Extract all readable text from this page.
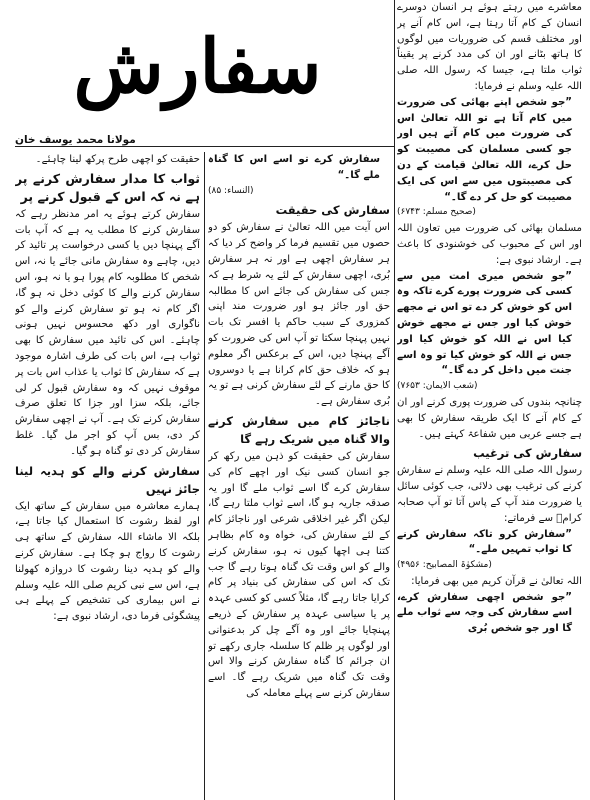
معاشرے میں رہتے ہوئے ہر انسان دوسرے انسان کے کام آتا رہتا ہے، اس کام آنے پر اور مختلف قسم کی ضروریات میں لوگوں کا ہاتھ بٹانے اور ان کی مدد کرنے پر یقیناً ثواب ملتا ہے، جیسا کہ رسول اللہ صلی اللہ علیہ وسلم نے فرمایا:

”جو شخص اپنے بھائی کی ضرورت میں کام آتا ہے تو اللہ تعالیٰ اس کی ضرورت میں کام آتے ہیں اور جو کسی مسلمان کی مصیبت کو حل کرے، اللہ تعالیٰ قیامت کے دن کی مصیبتوں میں سے اس کی ایک مصیبت کو حل کر دے گا۔“

(صحیح مسلم: ۶۷۴۳)

مسلمان بھائی کی ضرورت میں تعاون اللہ اور اس کے محبوب کی خوشنودی کا باعث ہے۔ ارشاد نبوی ہے:

”جو شخص میری امت میں سے کسی کی ضرورت پورے کرے تاکہ وہ اس کو خوش کر دے تو اس نے مجھے خوش کیا اور جس نے مجھے خوش کیا اس نے اللہ کو خوش کیا اور جس نے اللہ کو خوش کیا تو وہ اسے جنت میں داخل کر دے گا۔“

(شعب الایمان: ۷۶۵۳)

چنانچہ بندوں کی ضرورت پوری کرنے اور ان کے کام آنے کا ایک طریقہ سفارش کا بھی ہے جسے عربی میں شفاعۃ کہتے ہیں۔

سفارش کی ترغیب

رسول اللہ صلی اللہ علیہ وسلم نے سفارش کرنے کی ترغیب بھی دلائی، جب کوئی سائل یا ضرورت مند آپ کے پاس آتا تو آپ صحابہ کرامؓ سے فرماتے:

”سفارش کرو تاکہ سفارش کرنے کا ثواب تمہیں ملے۔“

(مشکوٰۃ المصابیح: ۴۹۵۶)

اللہ تعالیٰ نے قرآن کریم میں بھی فرمایا:

”جو شخص اچھی سفارش کرے، اسے سفارش کی وجہ سے ثواب ملے گا اور جو شخص بُری

سفارش
مولانا محمد یوسف خان

سفارش کرے تو اسے اس کا گناہ ملے گا۔“

(النساء: ۸۵)

سفارش کی حقیقت

اس آیت میں اللہ تعالیٰ نے سفارش کو دو حصوں میں تقسیم فرما کر واضح کر دیا کہ ہر سفارش اچھی ہے اور نہ ہر سفارش بُری، اچھی سفارش کے لئے یہ شرط ہے کہ جس کی سفارش کی جائے اس کا مطالبہ حق اور جائز ہو اور ضرورت مند اپنی کمزوری کے سبب حاکم یا افسر تک بات نہیں پہنچا سکتا تو آپ اس کی ضرورت کو آگے پہنچا دیں، اس کے برعکس اگر معلوم ہو کہ خلاف حق کام کرانا ہے یا دوسروں کا حق مارنے کے لئے سفارش کرنی ہے تو یہ بُری سفارش ہے۔

ناجائز کام میں سفارش کرنے والا گناہ میں شریک رہے گا

سفارش کی حقیقت کو ذہن میں رکھ کر جو انسان کسی نیک اور اچھے کام کی سفارش کرے گا اسے ثواب ملے گا اور یہ صدقہ جاریہ ہو گا، اسے ثواب ملتا رہے گا، لیکن اگر غیر اخلاقی شرعی اور ناجائز کام کے لئے سفارش کی، خواہ وہ کام بظاہر کتنا ہی اچھا کیوں نہ ہو، سفارش کرنے والے کو اس وقت تک گناہ ہوتا رہے گا جب تک کہ اس کی سفارش کی بنیاد پر کام کرایا جاتا رہے گا، مثلاً کسی کو کسی عہدہ پر یا سیاسی عہدہ پر سفارش کے ذریعے پہنچایا جائے اور وہ آگے چل کر بدعنوانی اور لوگوں پر ظلم کا سلسلہ جاری رکھے تو ان جرائم کا گناہ سفارش کرنے والا اس وقت تک گناہ میں شریک رہے گا۔ اسے سفارش کرنے سے پہلے معاملہ کی

حقیقت کو اچھی طرح پرکھ لینا چاہئے۔

ثواب کا مدار سفارش کرنے پر ہے نہ کہ اس کے قبول کرنے پر

سفارش کرتے ہوئے یہ امر مدنظر رہے کہ سفارش کرنے کا مطلب یہ ہے کہ آپ بات آگے پہنچا دیں یا کسی درخواست پر تائید کر دیں، چاہے وہ سفارش مانی جائے یا نہ، اس شخص کا مطلوبہ کام پورا ہو یا نہ ہو، اس سفارش کرنے والے کا کوئی دخل نہ ہو گا، اگر کام نہ ہو تو سفارش کرنے والے کو ناگواری اور دکھ محسوس نہیں ہونی چاہئے۔ اس کی تائید میں سفارش کا بھی ثواب ہے، اس بات کی طرف اشارہ موجود ہے کہ سفارش کا ثواب یا عذاب اس بات پر موقوف نہیں کہ وہ سفارش قبول کر لی جائے، بلکہ سزا اور جزا کا تعلق صرف سفارش کرنے تک ہے۔ آپ نے اچھی سفارش کر دی، بس آپ کو اجر مل گیا۔ غلط سفارش کر دی تو گناہ ہو گیا۔

سفارش کرنے والے کو ہدیہ لینا جائز نہیں

ہمارے معاشرہ میں سفارش کے ساتھ ایک اور لفظ رشوت کا استعمال کیا جاتا ہے، بلکہ الا ماشاء اللہ سفارش کے ساتھ ہی رشوت کا رواج ہو چکا ہے۔ سفارش کرنے والے کو ہدیہ دینا رشوت کا دروازہ کھولنا ہے، اس سے نبی کریم صلی اللہ علیہ وسلم نے اس بیماری کی تشخیص کے پہلے ہی پیشگوئی فرما دی، ارشاد نبوی ہے:
